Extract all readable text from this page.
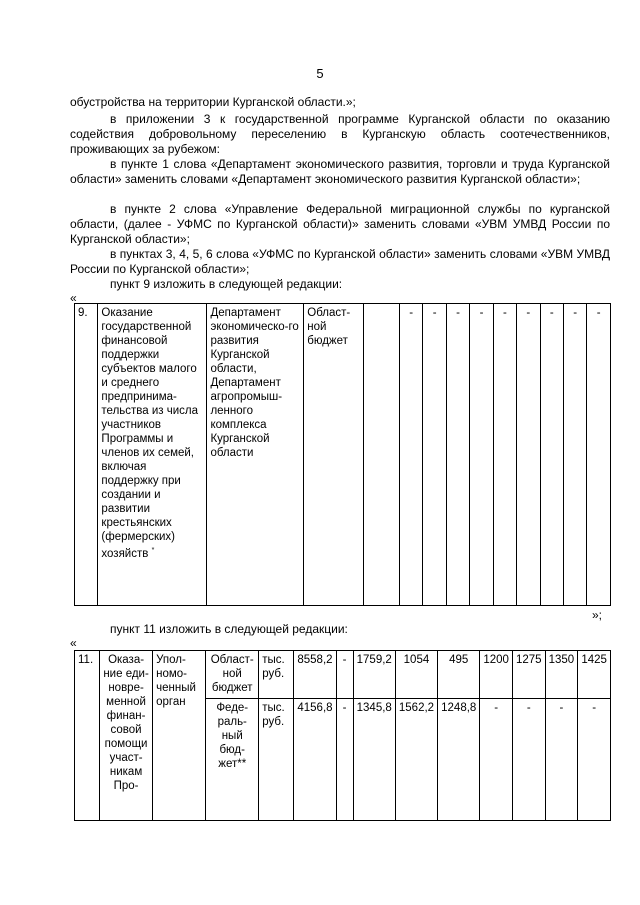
5
обустройства на территории Курганской области.»;
в приложении 3 к государственной программе Курганской области по оказанию содействия добровольному переселению в Курганскую область соотечественников, проживающих за рубежом:
в пункте 1 слова «Департамент экономического развития, торговли и труда Курганской области» заменить словами «Департамент экономического развития Курганской области»;
в пункте 2 слова «Управление Федеральной миграционной службы по курганской области, (далее - УФМС по Курганской области)» заменить словами «УВМ УМВД России по Курганской области»;
в пунктах 3, 4, 5, 6 слова «УФМС по Курганской области» заменить словами «УВМ УМВД России по Курганской области»;
пункт 9 изложить в следующей редакции:
«
9.	Оказание государственной финансовой поддержки субъектов малого и среднего предпринима-тельства из числа участников Программы и членов их семей, включая поддержку при создании и развитии крестьянских (фермерских) хозяйств *	Департамент экономическо-го развития Курганской области, Департамент агропромыш-ленного комплекса Курганской области	Област-ной бюджет		-	-	-	-	-	-	-	-	-
»;
пункт 11 изложить в следующей редакции:
«
11.	Оказа-ние еди-новре-менной финан-совой помощи участ-никам Про-	Упол-номо-ченный орган	Област-ной бюджет	тыс. руб.	8558,2	-	1759,2	1054	495	1200	1275	1350	1425
			Феде-раль-ный бюд-жет**	тыс. руб.	4156,8	-	1345,8	1562,2	1248,8	-	-	-	-
